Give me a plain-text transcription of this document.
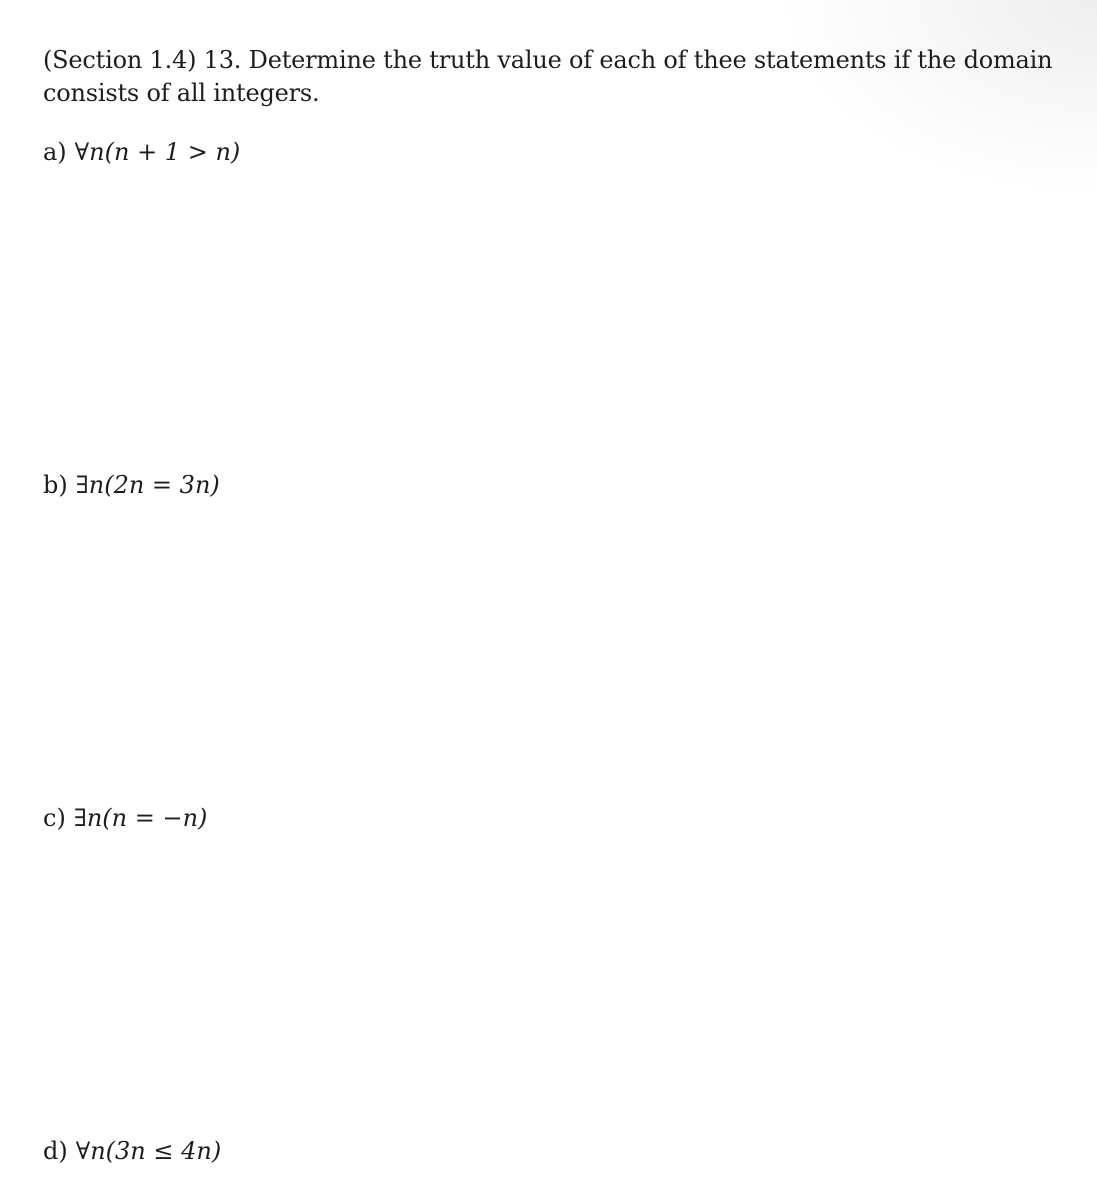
(Section 1.4) 13. Determine the truth value of each of thee statements if the domain consists of all integers.
a) ∀n(n + 1 > n)
b) ∃n(2n = 3n)
c) ∃n(n = −n)
d) ∀n(3n ≤ 4n)
